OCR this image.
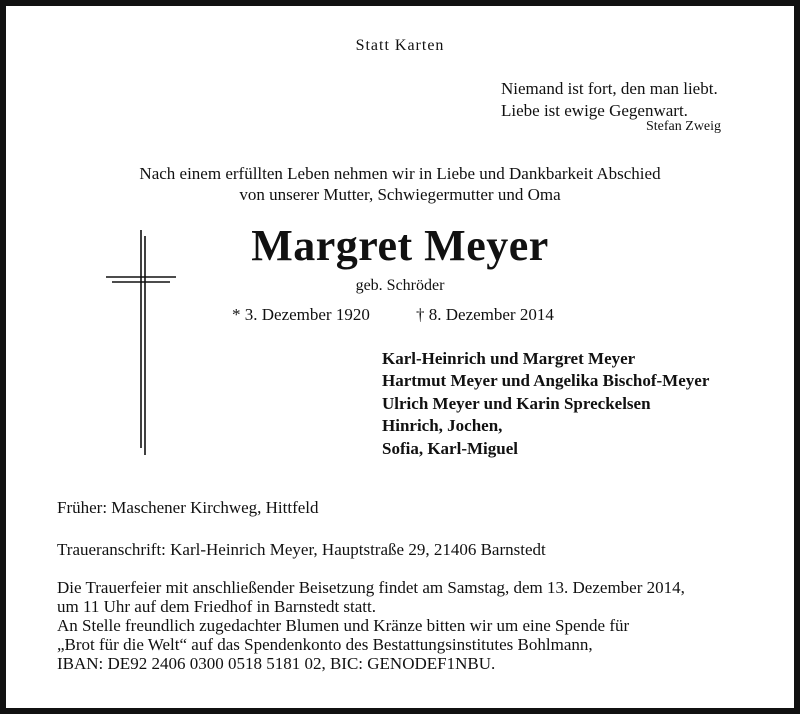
Statt Karten
Niemand ist fort, den man liebt.
Liebe ist ewige Gegenwart.
Stefan Zweig
Nach einem erfüllten Leben nehmen wir in Liebe und Dankbarkeit Abschied
von unserer Mutter, Schwiegermutter und Oma
Margret Meyer
geb. Schröder
* 3. Dezember 1920	† 8. Dezember 2014
Karl-Heinrich und Margret Meyer
Hartmut Meyer und Angelika Bischof-Meyer
Ulrich Meyer und Karin Spreckelsen
Hinrich, Jochen,
Sofia, Karl-Miguel
Früher: Maschener Kirchweg, Hittfeld
Traueranschrift: Karl-Heinrich Meyer, Hauptstraße 29, 21406 Barnstedt
Die Trauerfeier mit anschließender Beisetzung findet am Samstag, dem 13. Dezember 2014,
um 11 Uhr auf dem Friedhof in Barnstedt statt.
An Stelle freundlich zugedachter Blumen und Kränze bitten wir um eine Spende für
„Brot für die Welt“ auf das Spendenkonto des Bestattungsinstitutes Bohlmann,
IBAN: DE92 2406 0300 0518 5181 02, BIC: GENODEF1NBU.
